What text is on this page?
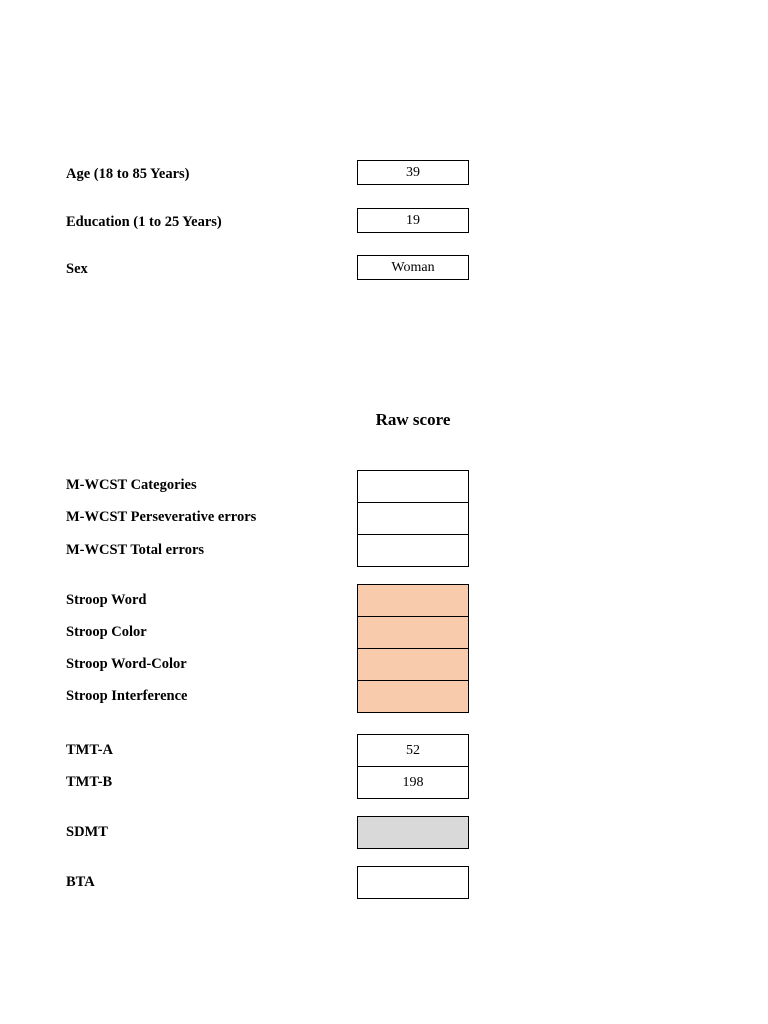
Age (18 to 85 Years)	39
Education (1 to 25 Years)	19
Sex	Woman
Raw score
M-WCST Categories
M-WCST Perseverative errors
M-WCST Total errors
Stroop Word
Stroop Color
Stroop Word-Color
Stroop Interference
TMT-A	52
TMT-B	198
SDMT
BTA
